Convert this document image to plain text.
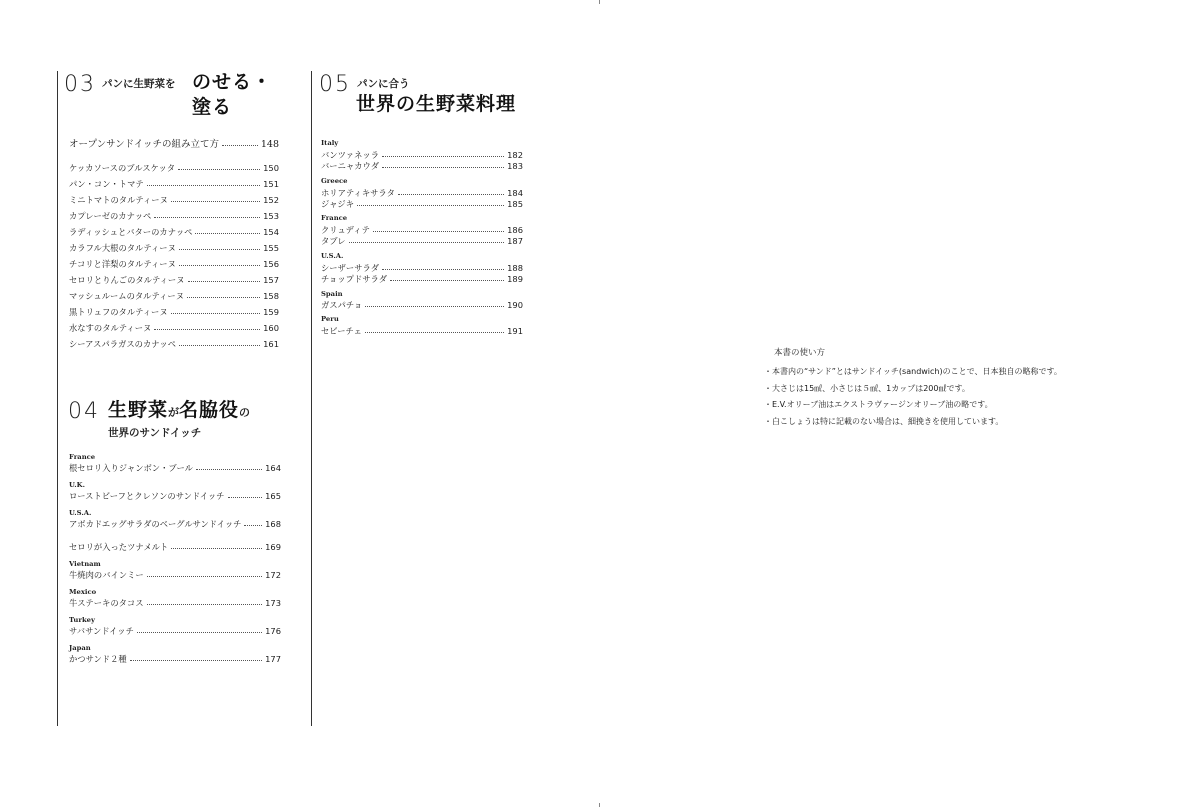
03 パンに生野菜を のせる・
塗る
オープンサンドイッチの組み立て方	148
ケッカソースのブルスケッタ	150
パン・コン・トマテ	151
ミニトマトのタルティーヌ	152
カプレーゼのカナッペ	153
ラディッシュとバターのカナッペ	154
カラフル大根のタルティーヌ	155
チコリと洋梨のタルティーヌ	156
セロリとりんごのタルティーヌ	157
マッシュルームのタルティーヌ	158
黒トリュフのタルティーヌ	159
水なすのタルティーヌ	160
シーアスパラガスのカナッペ	161
04 生野菜が名脇役の
世界のサンドイッチ
France
根セロリ入りジャンボン・ブール	164
U.K.
ローストビーフとクレソンのサンドイッチ	165
U.S.A.
アボカドエッグサラダのベーグルサンドイッチ	168
セロリが入ったツナメルト	169
Vietnam
牛焼肉のバインミー	172
Mexico
牛ステーキのタコス	173
Turkey
サバサンドイッチ	176
Japan
かつサンド２種	177
05 パンに合う
世界の生野菜料理
Italy
バンツァネッラ	182
バーニャカウダ	183
Greece
ホリアティキサラタ	184
ジャジキ	185
France
クリュディテ	186
タブレ	187
U.S.A.
シーザーサラダ	188
チョップドサラダ	189
Spain
ガスパチョ	190
Peru
セビーチェ	191
本書の使い方
・本書内の“サンド”とはサンドイッチ(sandwich)のことで、日本独自の略称です。
・大さじは15㎖、小さじは５㎖、1カップは200㎖です。
・E.V.オリーブ油はエクストラヴァージンオリーブ油の略です。
・白こしょうは特に記載のない場合は、細挽きを使用しています。
